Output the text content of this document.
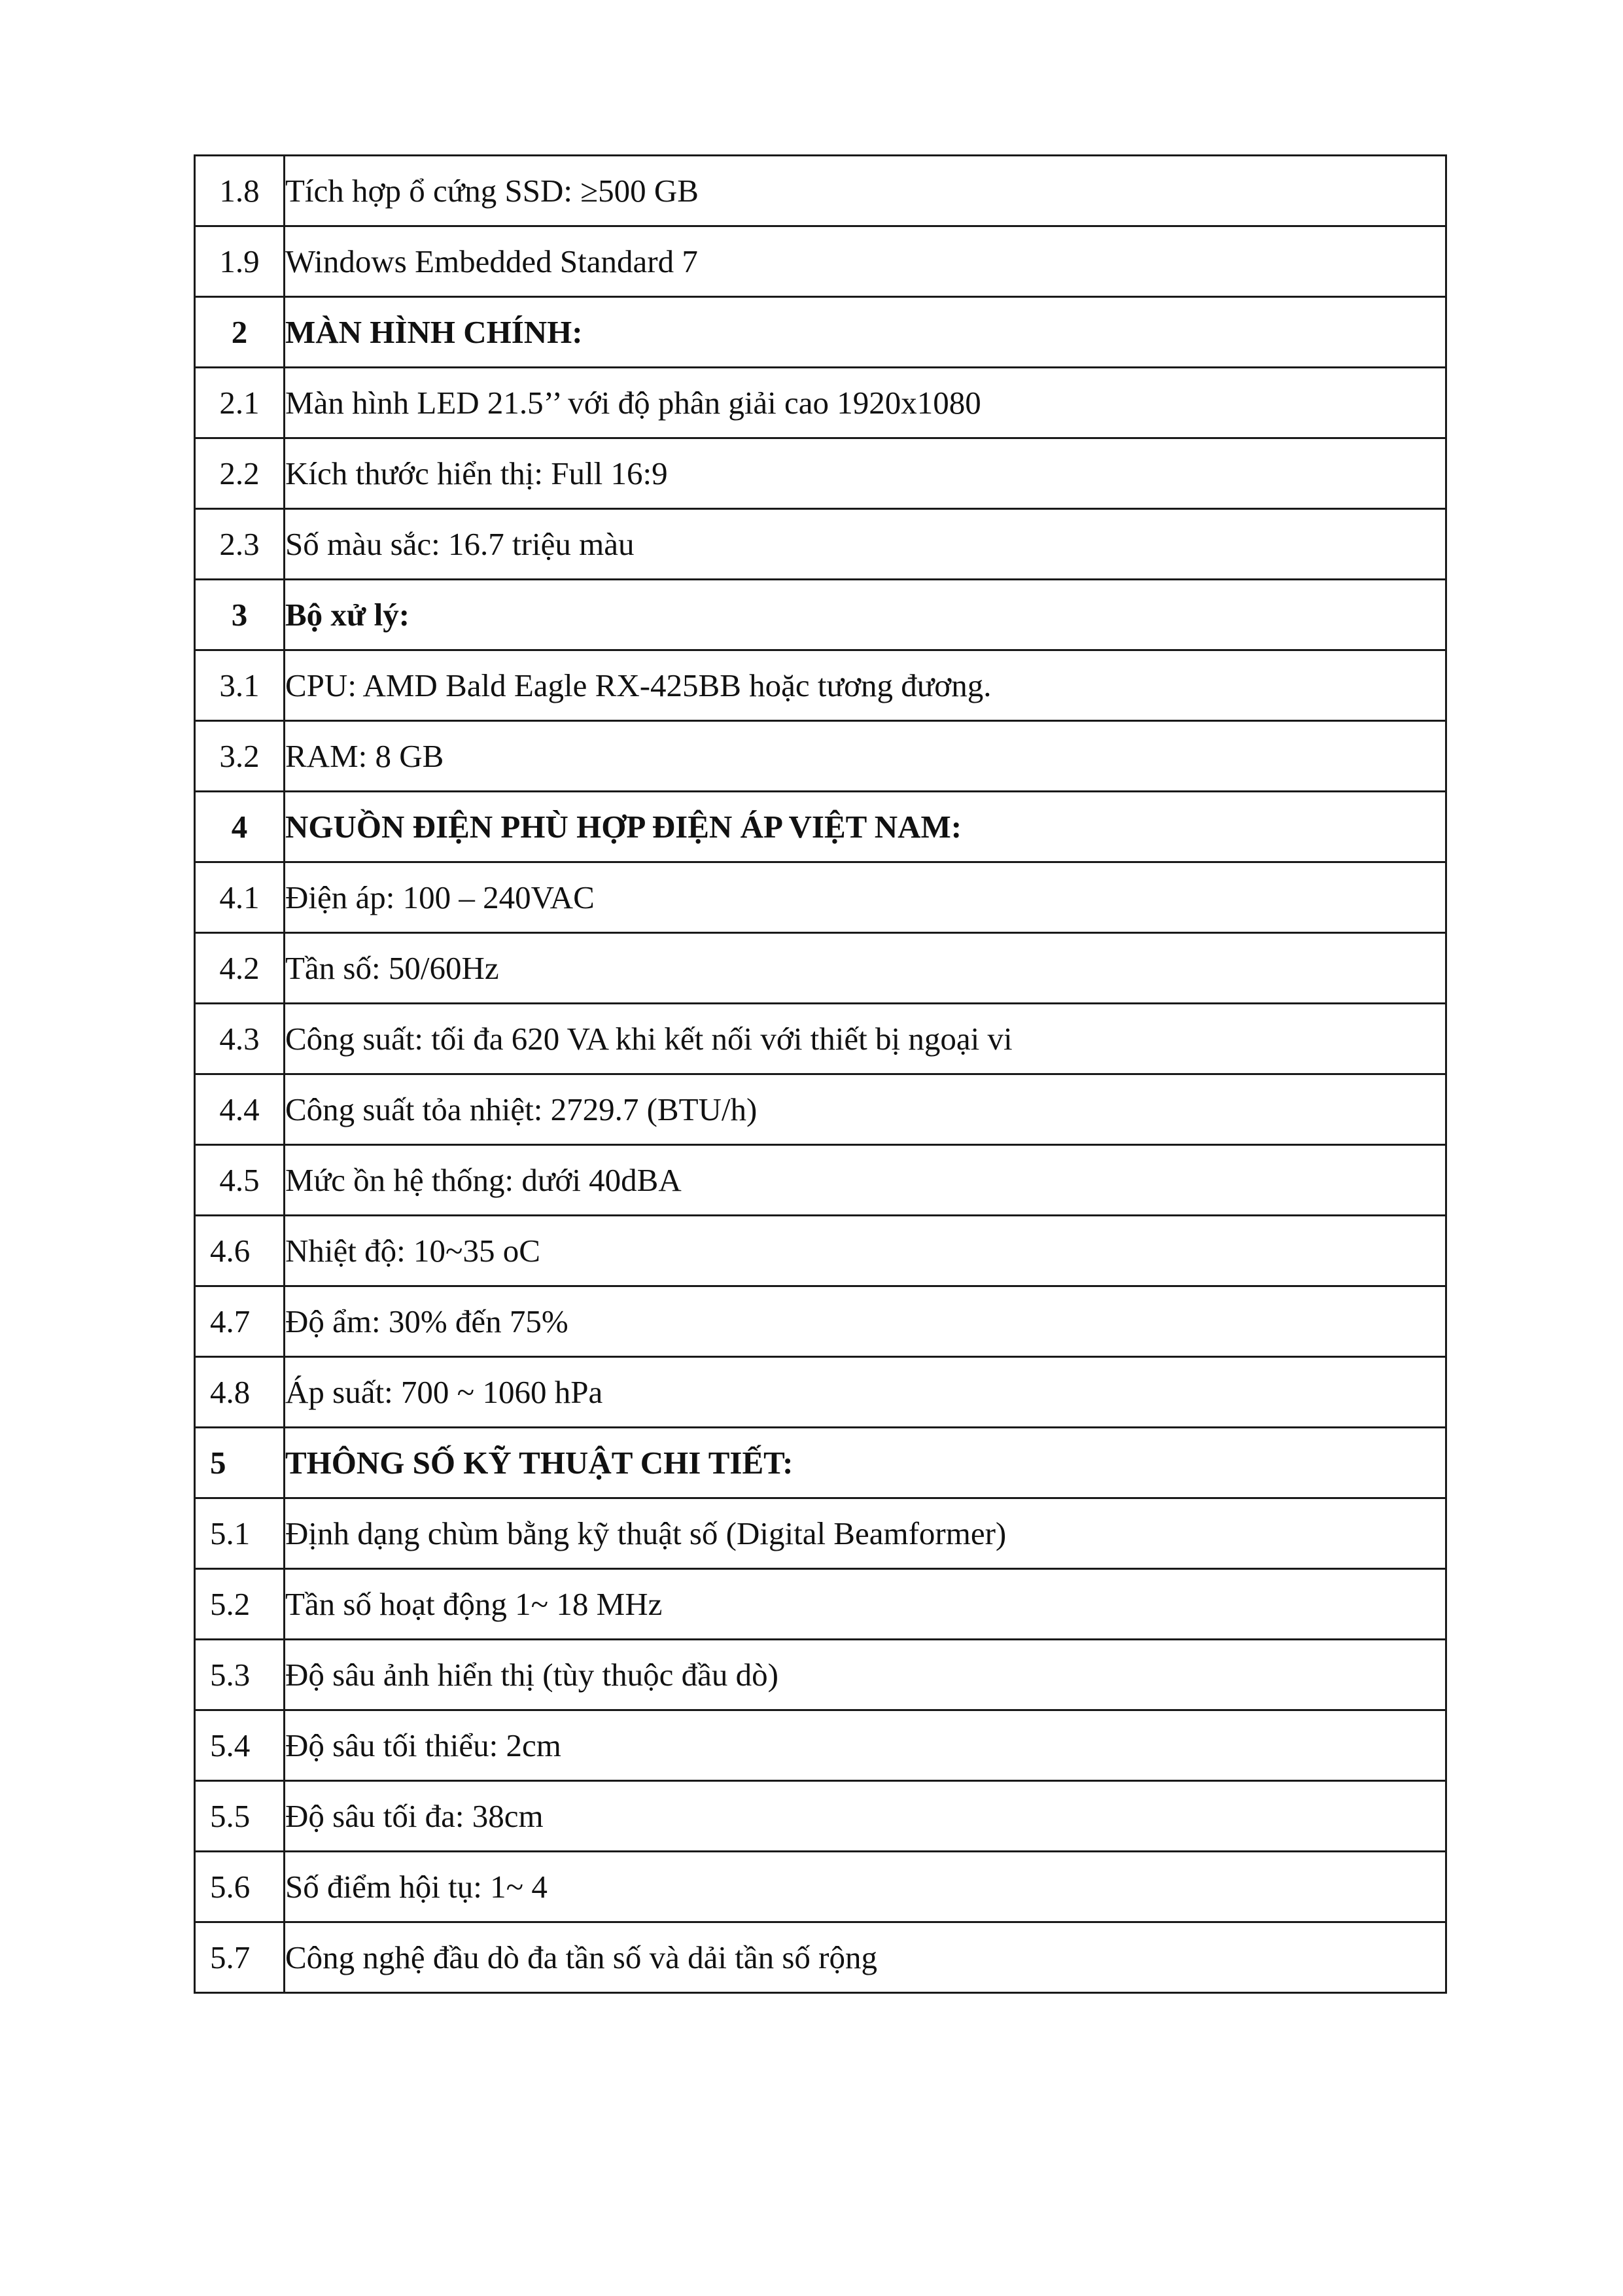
1.8	Tích hợp ổ cứng SSD: ≥500 GB
1.9	Windows Embedded Standard 7
2	MÀN HÌNH CHÍNH:
2.1	Màn hình LED 21.5’’ với độ phân giải cao 1920x1080
2.2	Kích thước hiển thị: Full 16:9
2.3	Số màu sắc: 16.7 triệu màu
3	Bộ xử lý:
3.1	CPU: AMD Bald Eagle RX-425BB hoặc tương đương.
3.2	RAM: 8 GB
4	NGUỒN ĐIỆN PHÙ HỢP ĐIỆN ÁP VIỆT NAM:
4.1	Điện áp: 100 – 240VAC
4.2	Tần số: 50/60Hz
4.3	Công suất: tối đa 620 VA khi kết nối với thiết bị ngoại vi
4.4	Công suất tỏa nhiệt: 2729.7 (BTU/h)
4.5	Mức ồn hệ thống: dưới 40dBA
4.6	Nhiệt độ: 10~35 oC
4.7	Độ ẩm: 30% đến 75%
4.8	Áp suất: 700 ~ 1060 hPa
5	THÔNG SỐ KỸ THUẬT CHI TIẾT:
5.1	Định dạng chùm bằng kỹ thuật số (Digital Beamformer)
5.2	Tần số hoạt động 1~ 18 MHz
5.3	Độ sâu ảnh hiển thị (tùy thuộc đầu dò)
5.4	Độ sâu tối thiểu: 2cm
5.5	Độ sâu tối đa: 38cm
5.6	Số điểm hội tụ: 1~ 4
5.7	Công nghệ đầu dò đa tần số và dải tần số rộng
